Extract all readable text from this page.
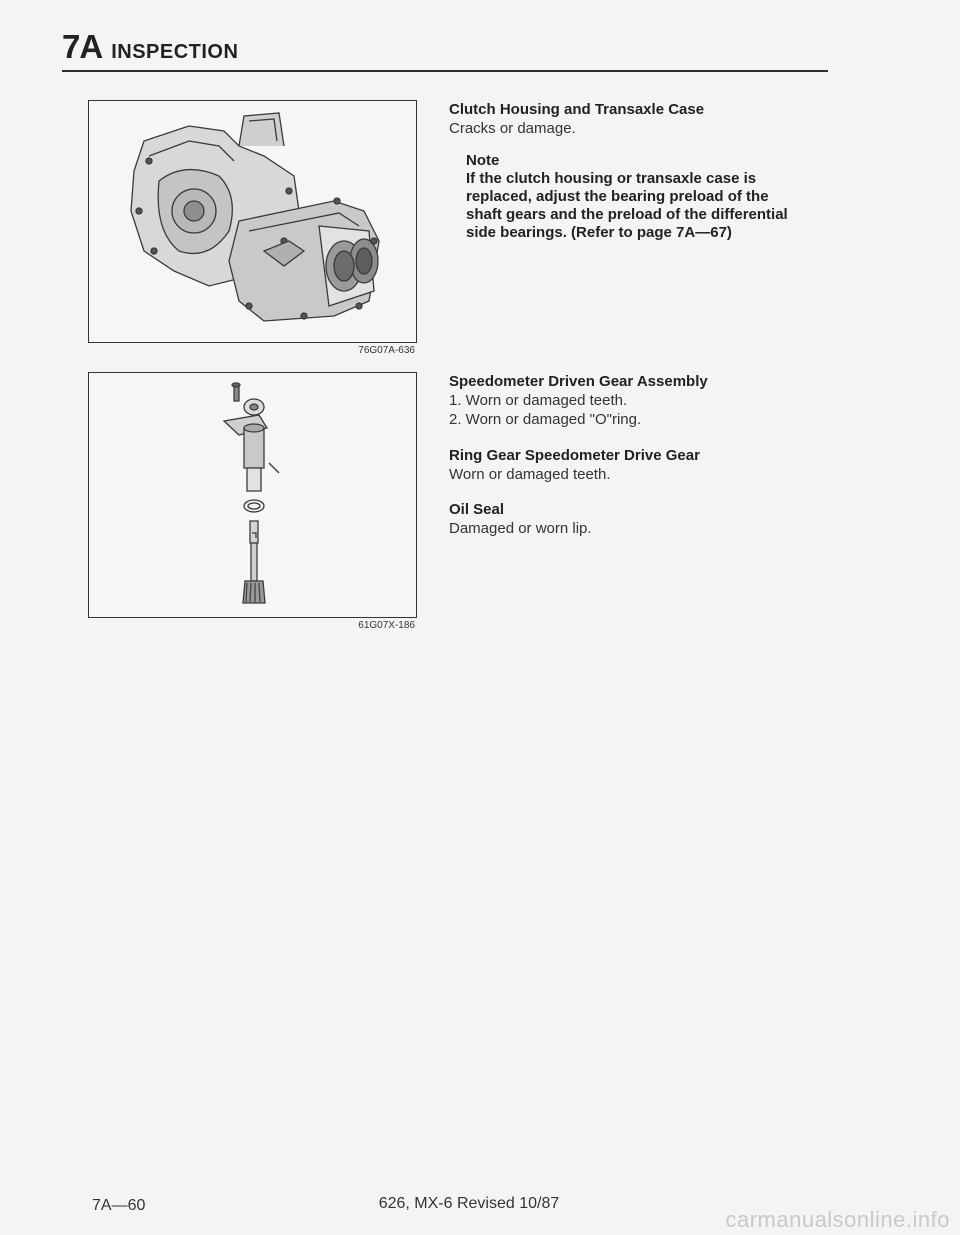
7A INSPECTION
76G07A-636
61G07X-186
Clutch Housing and Transaxle Case
Cracks or damage.
Note
If the clutch housing or transaxle case is
replaced, adjust the bearing preload of the
shaft gears and the preload of the differential
side bearings. (Refer to page 7A—67)
Speedometer Driven Gear Assembly
1. Worn or damaged teeth.
2. Worn or damaged "O"ring.
Ring Gear Speedometer Drive Gear
Worn or damaged teeth.
Oil Seal
Damaged or worn lip.
7A—60	626, MX-6 Revised 10/87
carmanualsonline.info
